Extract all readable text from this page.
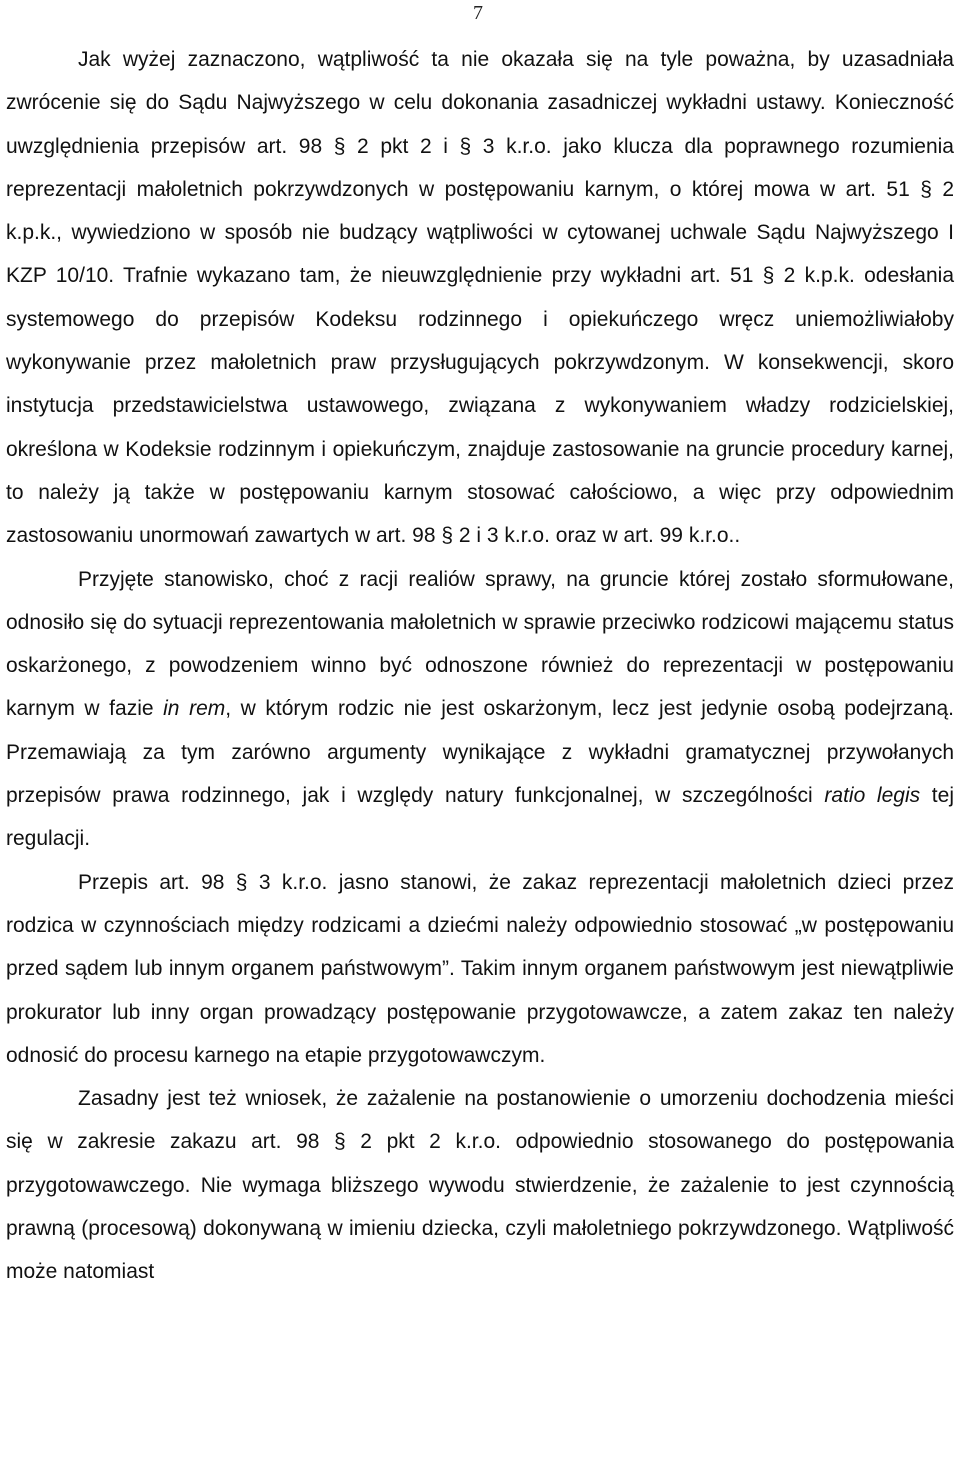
7

Jak wyżej zaznaczono, wątpliwość ta nie okazała się na tyle poważna, by uzasadniała zwrócenie się do Sądu Najwyższego w celu dokonania zasadniczej wykładni ustawy. Konieczność uwzględnienia przepisów art. 98 § 2 pkt 2 i § 3 k.r.o. jako klucza dla poprawnego rozumienia reprezentacji małoletnich pokrzywdzonych w postępowaniu karnym, o której mowa w art. 51 § 2 k.p.k., wywiedziono w sposób nie budzący wątpliwości w cytowanej uchwale Sądu Najwyższego I KZP 10/10. Trafnie wykazano tam, że nieuwzględnienie przy wykładni art. 51 § 2 k.p.k. odesłania systemowego do przepisów Kodeksu rodzinnego i opiekuńczego wręcz uniemożliwiałoby wykonywanie przez małoletnich praw przysługujących pokrzywdzonym. W konsekwencji, skoro instytucja przedstawicielstwa ustawowego, związana z wykonywaniem władzy rodzicielskiej, określona w Kodeksie rodzinnym i opiekuńczym, znajduje zastosowanie na gruncie procedury karnej, to należy ją także w postępowaniu karnym stosować całościowo, a więc przy odpowiednim zastosowaniu unormowań zawartych w art. 98 § 2 i 3 k.r.o. oraz w art. 99 k.r.o..

Przyjęte stanowisko, choć z racji realiów sprawy, na gruncie której zostało sformułowane, odnosiło się do sytuacji reprezentowania małoletnich w sprawie przeciwko rodzicowi mającemu status oskarżonego, z powodzeniem winno być odnoszone również do reprezentacji w postępowaniu karnym w fazie in rem, w którym rodzic nie jest oskarżonym, lecz jest jedynie osobą podejrzaną. Przemawiają za tym zarówno argumenty wynikające z wykładni gramatycznej przywołanych przepisów prawa rodzinnego, jak i względy natury funkcjonalnej, w szczególności ratio legis tej regulacji.

Przepis art. 98 § 3 k.r.o. jasno stanowi, że zakaz reprezentacji małoletnich dzieci przez rodzica w czynnościach między rodzicami a dziećmi należy odpowiednio stosować „w postępowaniu przed sądem lub innym organem państwowym”. Takim innym organem państwowym jest niewątpliwie prokurator lub inny organ prowadzący postępowanie przygotowawcze, a zatem zakaz ten należy odnosić do procesu karnego na etapie przygotowawczym.

Zasadny jest też wniosek, że zażalenie na postanowienie o umorzeniu dochodzenia mieści się w zakresie zakazu art. 98 § 2 pkt 2 k.r.o. odpowiednio stosowanego do postępowania przygotowawczego. Nie wymaga bliższego wywodu stwierdzenie, że zażalenie to jest czynnością prawną (procesową) dokonywaną w imieniu dziecka, czyli małoletniego pokrzywdzonego. Wątpliwość może natomiast
